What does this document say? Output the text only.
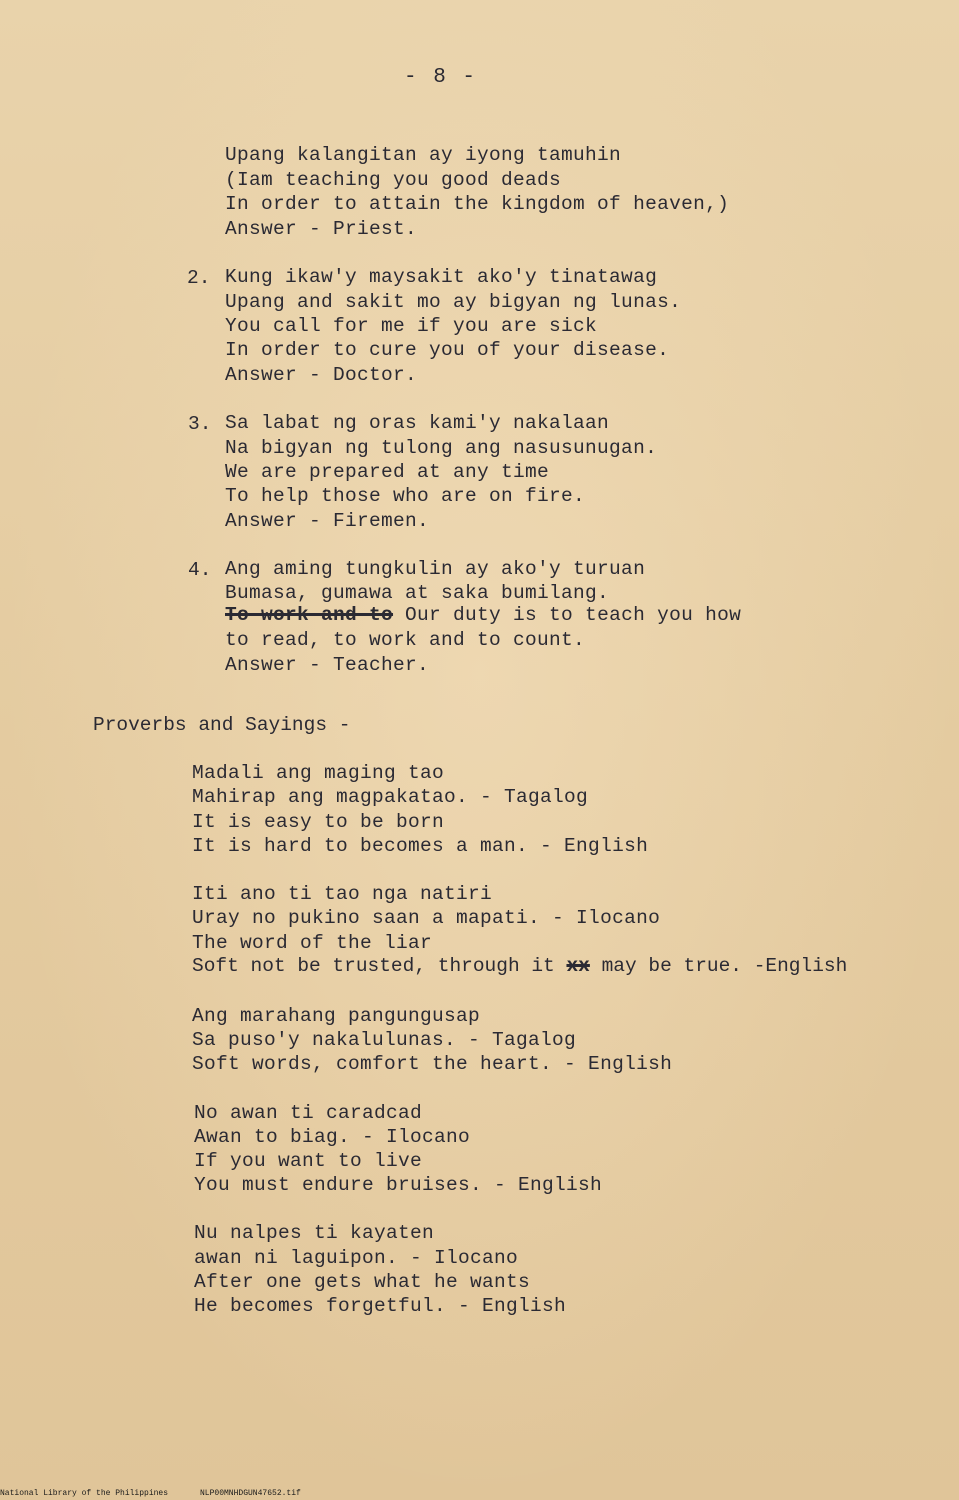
- 8 -
Upang kalangitan ay iyong tamuhin
(Iam teaching you good deads
In order to attain the kingdom of heaven,)
Answer - Priest.
2. Kung ikaw'y maysakit ako'y tinatawag
Upang and sakit mo ay bigyan ng lunas.
You call for me if you are sick
In order to cure you of your disease.
Answer - Doctor.
3. Sa labat ng oras kami'y nakalaan
Na bigyan ng tulong ang nasusunugan.
We are prepared at any time
To help those who are on fire.
Answer - Firemen.
4. Ang aming tungkulin ay ako'y turuan
Bumasa, gumawa at saka bumilang.
To work and to Our duty is to teach you how
to read, to work and to count.
Answer - Teacher.
Proverbs and Sayings -
Madali ang maging tao
Mahirap ang magpakatao. - Tagalog
It is easy to be born
It is hard to becomes a man. - English
Iti ano ti tao nga natiri
Uray no pukino saan a mapati. - Ilocano
The word of the liar
Soft not be trusted, through it xx may be true. -English
Ang marahang pangungusap
Sa puso'y nakalulunas. - Tagalog
Soft words, comfort the heart. - English
No awan ti caradcad
Awan to biag. - Ilocano
If you want to live
You must endure bruises. - English
Nu nalpes ti kayaten
awan ni laguipon. - Ilocano
After one gets what he wants
He becomes forgetful. - English
National Library of the Philippines	NLP00MNHDGUN47652.tif
